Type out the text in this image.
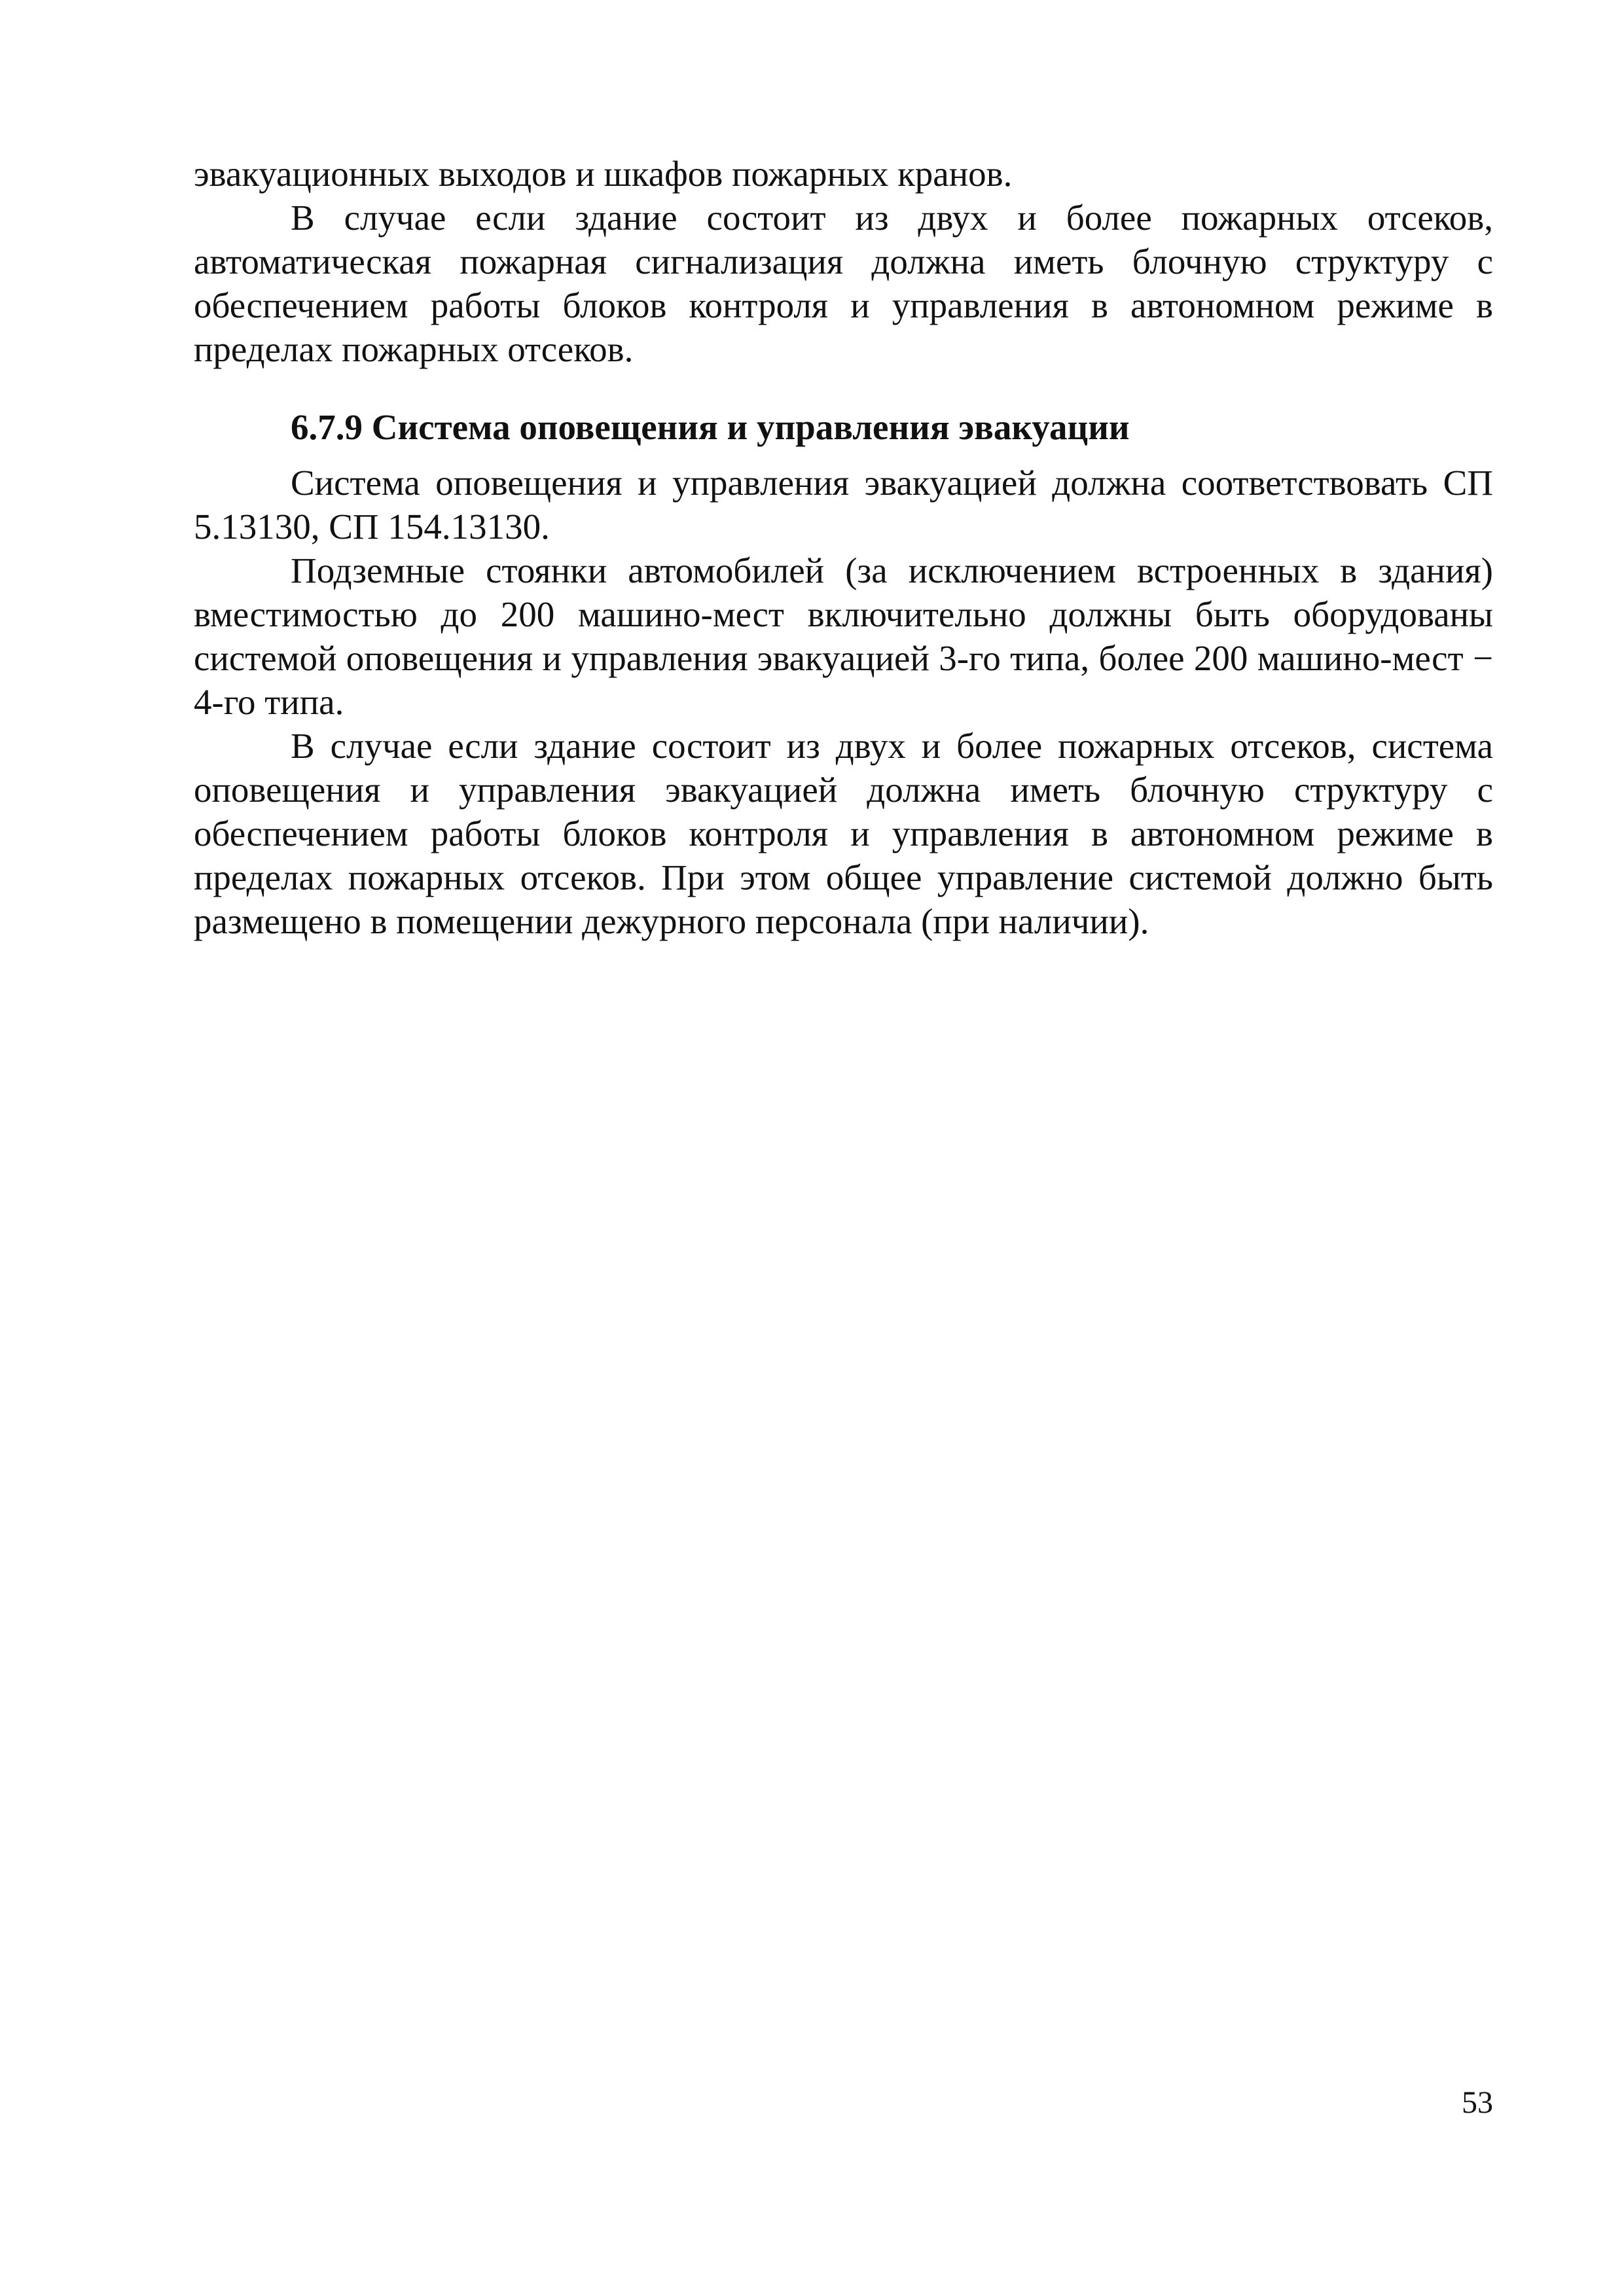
эвакуационных выходов и шкафов пожарных кранов.

В случае если здание состоит из двух и более пожарных отсеков, автоматическая пожарная сигнализация должна иметь блочную структуру с обеспечением работы блоков контроля и управления в автономном режиме в пределах пожарных отсеков.

6.7.9 Система оповещения и управления эвакуации

Система оповещения и управления эвакуацией должна соответствовать СП 5.13130, СП 154.13130.

Подземные стоянки автомобилей (за исключением встроенных в здания) вместимостью до 200 машино-мест включительно должны быть оборудованы системой оповещения и управления эвакуацией 3-го типа, более 200 машино-мест − 4-го типа.

В случае если здание состоит из двух и более пожарных отсеков, система оповещения и управления эвакуацией должна иметь блочную структуру с обеспечением работы блоков контроля и управления в автономном режиме в пределах пожарных отсеков. При этом общее управление системой должно быть размещено в помещении дежурного персонала (при наличии).

53
